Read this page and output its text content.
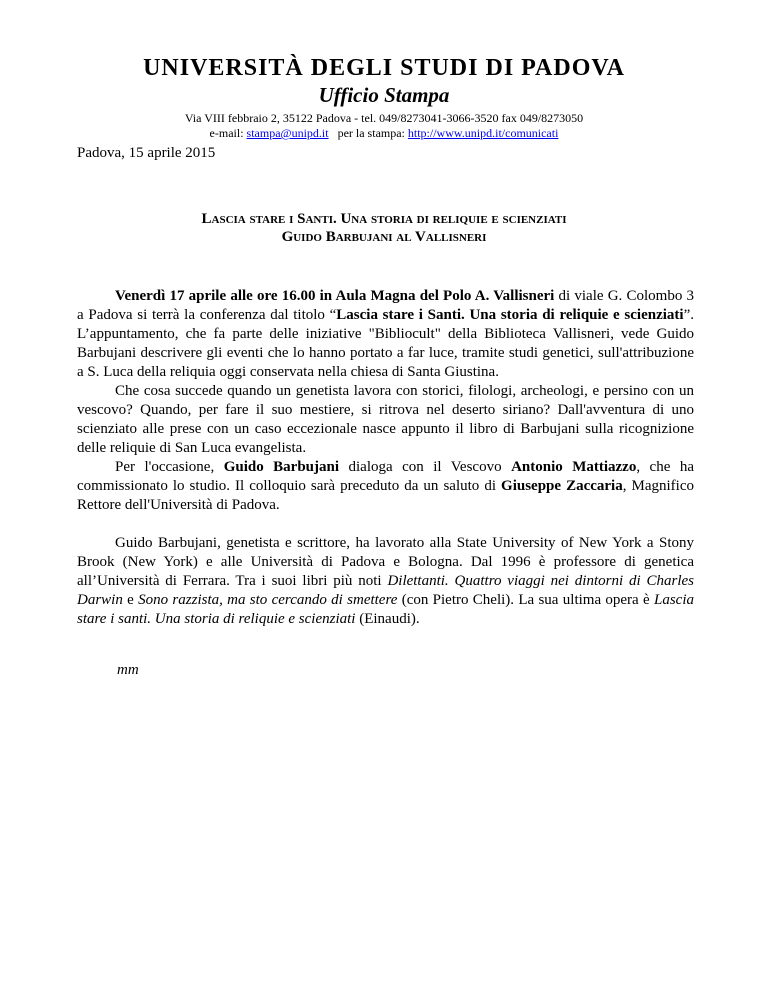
UNIVERSITÀ DEGLI STUDI DI PADOVA
Ufficio Stampa
Via VIII febbraio 2, 35122 Padova - tel. 049/8273041-3066-3520 fax 049/8273050
e-mail: stampa@unipd.it per la stampa: http://www.unipd.it/comunicati
Padova, 15 aprile 2015
Lascia stare i Santi. Una storia di reliquie e scienziati
Guido Barbujani al Vallisneri

Venerdì 17 aprile alle ore 16.00 in Aula Magna del Polo A. Vallisneri di viale G. Colombo 3 a Padova si terrà la conferenza dal titolo “Lascia stare i Santi. Una storia di reliquie e scienziati”. L’appuntamento, che fa parte delle iniziative "Bibliocult" della Biblioteca Vallisneri, vede Guido Barbujani descrivere gli eventi che lo hanno portato a far luce, tramite studi genetici, sull'attribuzione a S. Luca della reliquia oggi conservata nella chiesa di Santa Giustina.

Che cosa succede quando un genetista lavora con storici, filologi, archeologi, e persino con un vescovo? Quando, per fare il suo mestiere, si ritrova nel deserto siriano? Dall'avventura di uno scienziato alle prese con un caso eccezionale nasce appunto il libro di Barbujani sulla ricognizione delle reliquie di San Luca evangelista.

Per l'occasione, Guido Barbujani dialoga con il Vescovo Antonio Mattiazzo, che ha commissionato lo studio. Il colloquio sarà preceduto da un saluto di Giuseppe Zaccaria, Magnifico Rettore dell'Università di Padova.

Guido Barbujani, genetista e scrittore, ha lavorato alla State University of New York a Stony Brook (New York) e alle Università di Padova e Bologna. Dal 1996 è professore di genetica all’Università di Ferrara. Tra i suoi libri più noti Dilettanti. Quattro viaggi nei dintorni di Charles Darwin e Sono razzista, ma sto cercando di smettere (con Pietro Cheli). La sua ultima opera è Lascia stare i santi. Una storia di reliquie e scienziati (Einaudi).

mm
